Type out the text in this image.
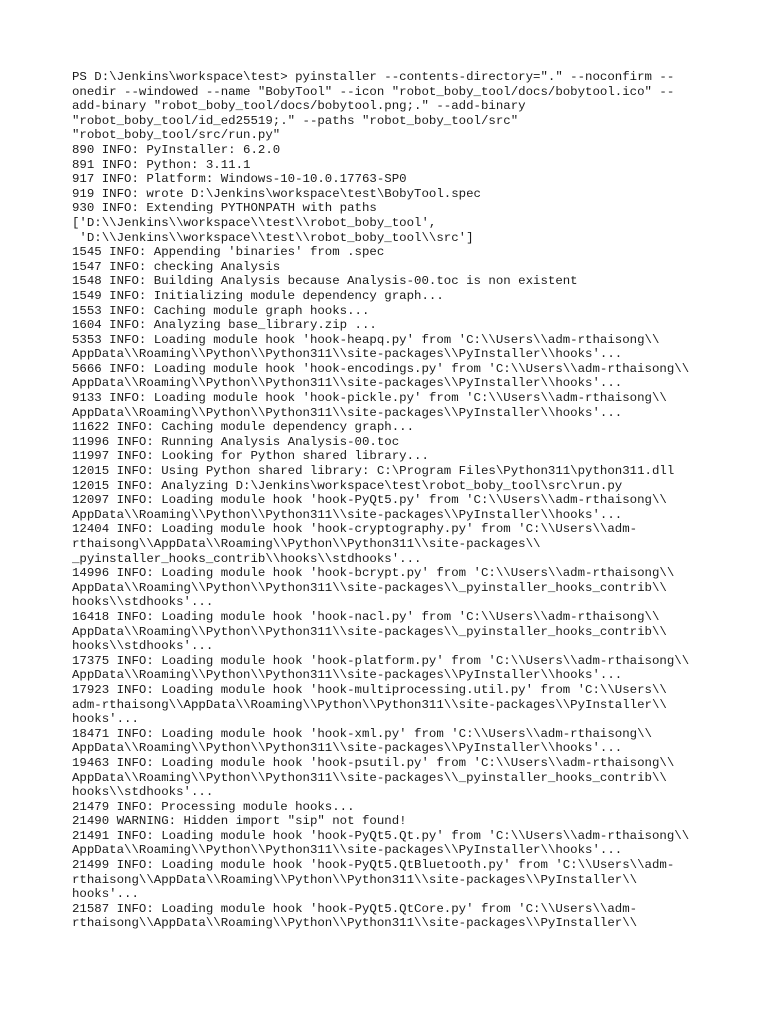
PS D:\Jenkins\workspace\test> pyinstaller --contents-directory="." --noconfirm --
onedir --windowed --name "BobyTool" --icon "robot_boby_tool/docs/bobytool.ico" --
add-binary "robot_boby_tool/docs/bobytool.png;." --add-binary
"robot_boby_tool/id_ed25519;." --paths "robot_boby_tool/src"
"robot_boby_tool/src/run.py"
890 INFO: PyInstaller: 6.2.0
891 INFO: Python: 3.11.1
917 INFO: Platform: Windows-10-10.0.17763-SP0
919 INFO: wrote D:\Jenkins\workspace\test\BobyTool.spec
930 INFO: Extending PYTHONPATH with paths
['D:\\Jenkins\\workspace\\test\\robot_boby_tool',
'D:\\Jenkins\\workspace\\test\\robot_boby_tool\\src']
1545 INFO: Appending 'binaries' from .spec
1547 INFO: checking Analysis
1548 INFO: Building Analysis because Analysis-00.toc is non existent
1549 INFO: Initializing module dependency graph...
1553 INFO: Caching module graph hooks...
1604 INFO: Analyzing base_library.zip ...
5353 INFO: Loading module hook 'hook-heapq.py' from 'C:\\Users\\adm-rthaisong\\
AppData\\Roaming\\Python\\Python311\\site-packages\\PyInstaller\\hooks'...
5666 INFO: Loading module hook 'hook-encodings.py' from 'C:\\Users\\adm-rthaisong\\
AppData\\Roaming\\Python\\Python311\\site-packages\\PyInstaller\\hooks'...
9133 INFO: Loading module hook 'hook-pickle.py' from 'C:\\Users\\adm-rthaisong\\
AppData\\Roaming\\Python\\Python311\\site-packages\\PyInstaller\\hooks'...
11622 INFO: Caching module dependency graph...
11996 INFO: Running Analysis Analysis-00.toc
11997 INFO: Looking for Python shared library...
12015 INFO: Using Python shared library: C:\Program Files\Python311\python311.dll
12015 INFO: Analyzing D:\Jenkins\workspace\test\robot_boby_tool\src\run.py
12097 INFO: Loading module hook 'hook-PyQt5.py' from 'C:\\Users\\adm-rthaisong\\
AppData\\Roaming\\Python\\Python311\\site-packages\\PyInstaller\\hooks'...
12404 INFO: Loading module hook 'hook-cryptography.py' from 'C:\\Users\\adm-
rthaisong\\AppData\\Roaming\\Python\\Python311\\site-packages\\
_pyinstaller_hooks_contrib\\hooks\\stdhooks'...
14996 INFO: Loading module hook 'hook-bcrypt.py' from 'C:\\Users\\adm-rthaisong\\
AppData\\Roaming\\Python\\Python311\\site-packages\\_pyinstaller_hooks_contrib\\
hooks\\stdhooks'...
16418 INFO: Loading module hook 'hook-nacl.py' from 'C:\\Users\\adm-rthaisong\\
AppData\\Roaming\\Python\\Python311\\site-packages\\_pyinstaller_hooks_contrib\\
hooks\\stdhooks'...
17375 INFO: Loading module hook 'hook-platform.py' from 'C:\\Users\\adm-rthaisong\\
AppData\\Roaming\\Python\\Python311\\site-packages\\PyInstaller\\hooks'...
17923 INFO: Loading module hook 'hook-multiprocessing.util.py' from 'C:\\Users\\
adm-rthaisong\\AppData\\Roaming\\Python\\Python311\\site-packages\\PyInstaller\\
hooks'...
18471 INFO: Loading module hook 'hook-xml.py' from 'C:\\Users\\adm-rthaisong\\
AppData\\Roaming\\Python\\Python311\\site-packages\\PyInstaller\\hooks'...
19463 INFO: Loading module hook 'hook-psutil.py' from 'C:\\Users\\adm-rthaisong\\
AppData\\Roaming\\Python\\Python311\\site-packages\\_pyinstaller_hooks_contrib\\
hooks\\stdhooks'...
21479 INFO: Processing module hooks...
21490 WARNING: Hidden import "sip" not found!
21491 INFO: Loading module hook 'hook-PyQt5.Qt.py' from 'C:\\Users\\adm-rthaisong\\
AppData\\Roaming\\Python\\Python311\\site-packages\\PyInstaller\\hooks'...
21499 INFO: Loading module hook 'hook-PyQt5.QtBluetooth.py' from 'C:\\Users\\adm-
rthaisong\\AppData\\Roaming\\Python\\Python311\\site-packages\\PyInstaller\\
hooks'...
21587 INFO: Loading module hook 'hook-PyQt5.QtCore.py' from 'C:\\Users\\adm-
rthaisong\\AppData\\Roaming\\Python\\Python311\\site-packages\\PyInstaller\\
